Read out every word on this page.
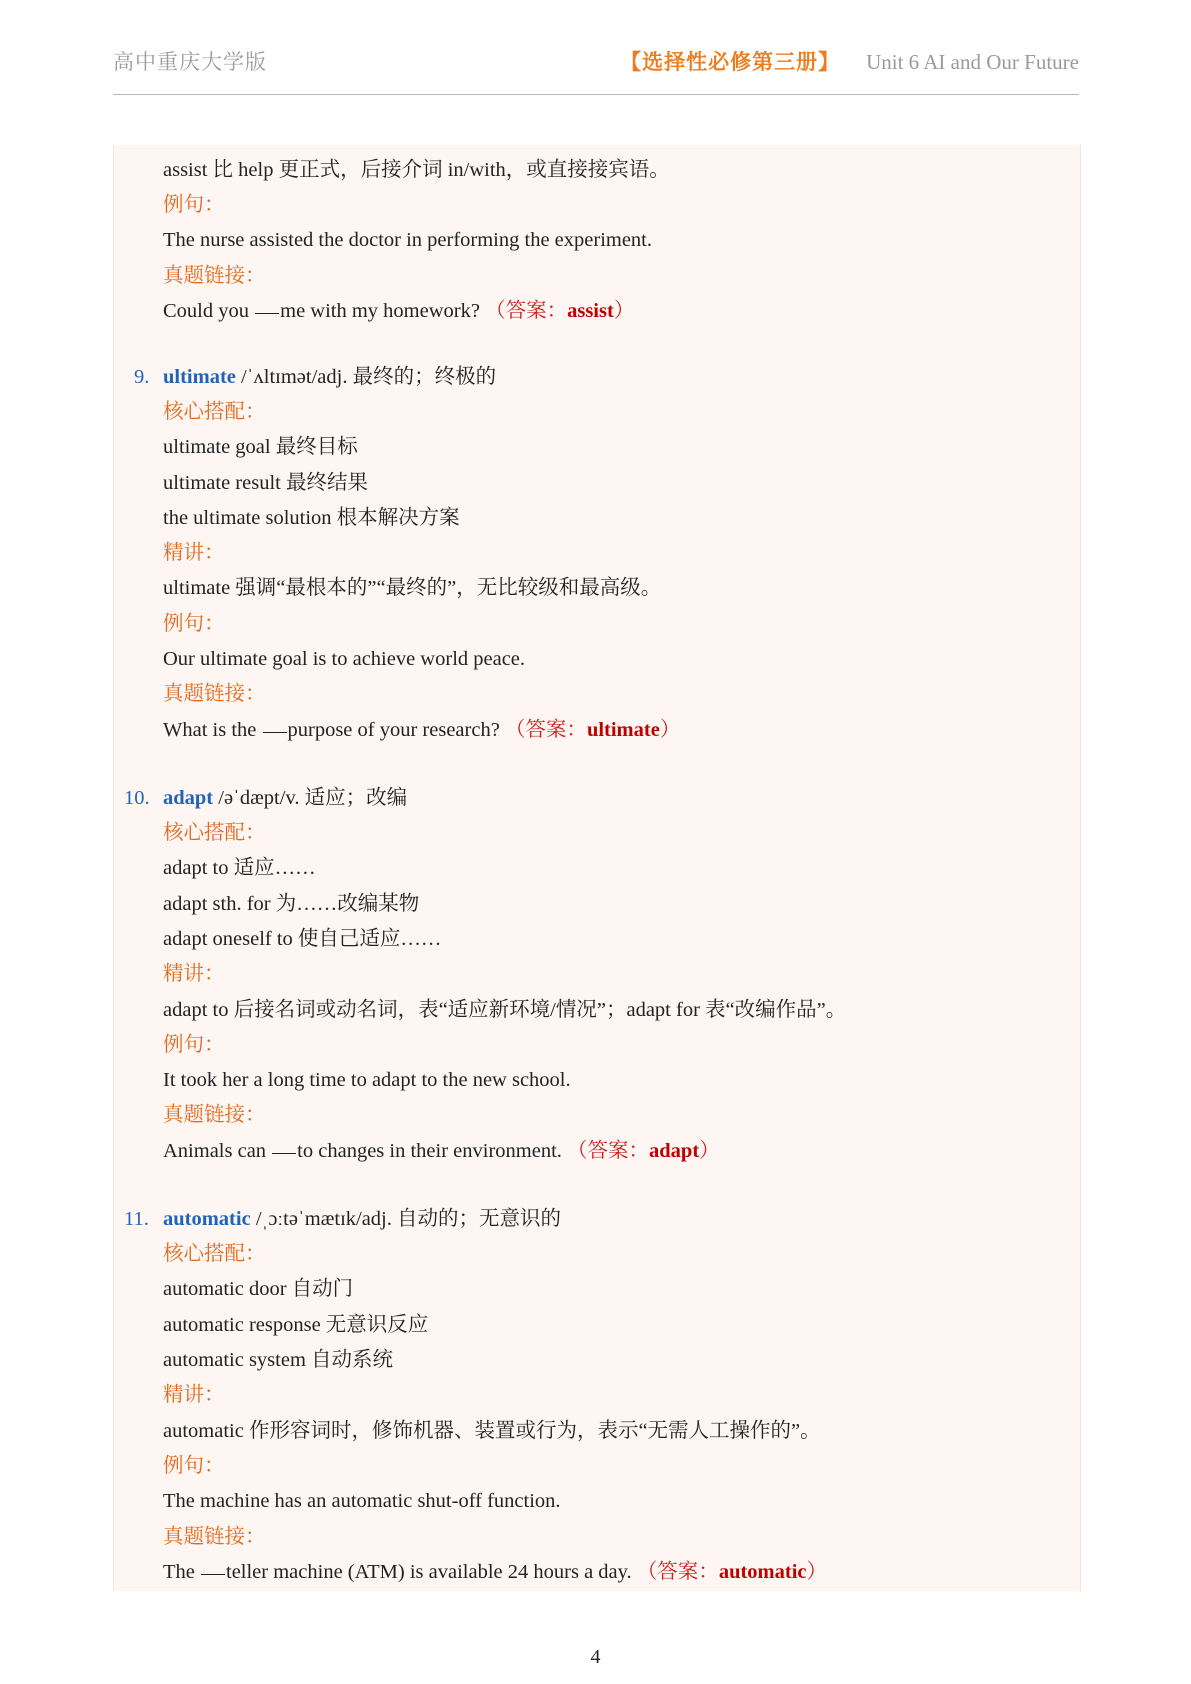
高中重庆大学版	【选择性必修第三册】 Unit 6 AI and Our Future
assist 比 help 更正式，后接介词 in/with，或直接接宾语。
例句：
The nurse assisted the doctor in performing the experiment.
真题链接：
Could you me with my homework? （答案：assist）
9. ultimate /ˈʌltɪmət/adj. 最终的；终极的
核心搭配：
ultimate goal 最终目标
ultimate result 最终结果
the ultimate solution 根本解决方案
精讲：
ultimate 强调“最根本的”“最终的”，无比较级和最高级。
例句：
Our ultimate goal is to achieve world peace.
真题链接：
What is the purpose of your research? （答案：ultimate）
10. adapt /əˈdæpt/v. 适应；改编
核心搭配：
adapt to 适应……
adapt sth. for 为……改编某物
adapt oneself to 使自己适应……
精讲：
adapt to 后接名词或动名词，表“适应新环境/情况”；adapt for 表“改编作品”。
例句：
It took her a long time to adapt to the new school.
真题链接：
Animals can to changes in their environment. （答案：adapt）
11. automatic /ˌɔːtəˈmætɪk/adj. 自动的；无意识的
核心搭配：
automatic door 自动门
automatic response 无意识反应
automatic system 自动系统
精讲：
automatic 作形容词时，修饰机器、装置或行为，表示“无需人工操作的”。
例句：
The machine has an automatic shut-off function.
真题链接：
The teller machine (ATM) is available 24 hours a day. （答案：automatic）
4
